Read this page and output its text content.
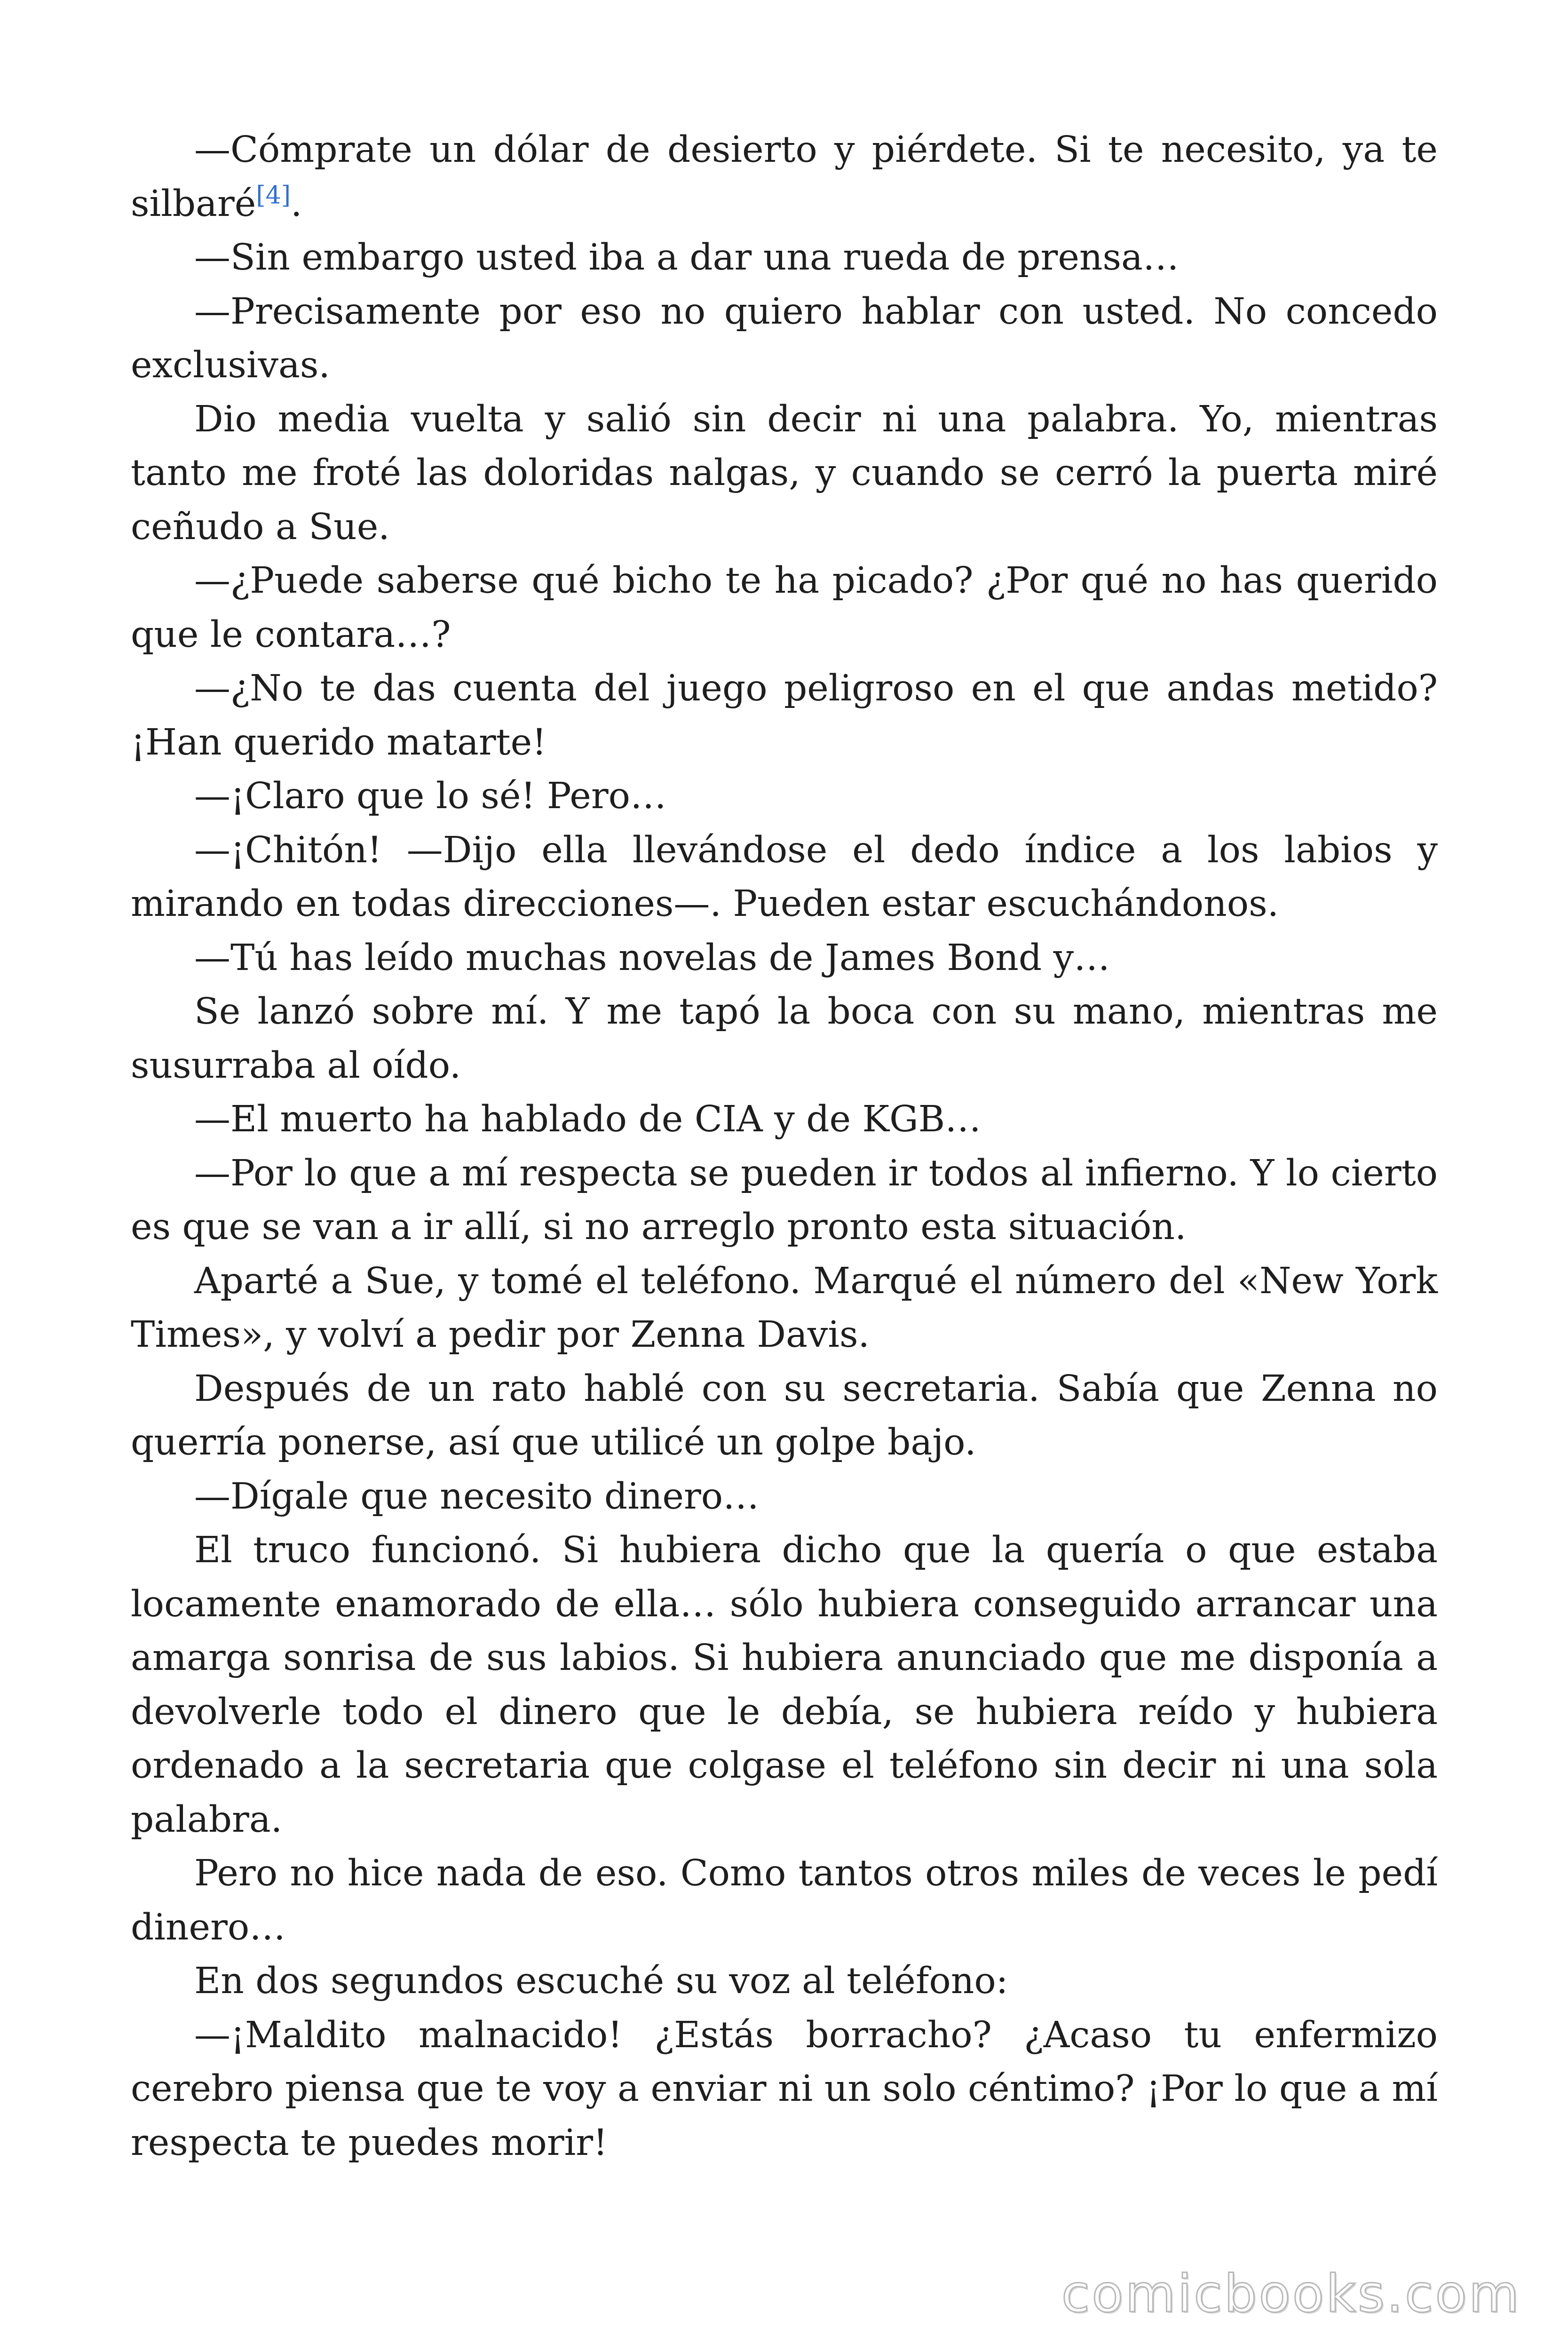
—Cómprate un dólar de desierto y piérdete. Si te necesito, ya te silbaré[4].

—Sin embargo usted iba a dar una rueda de prensa…

—Precisamente por eso no quiero hablar con usted. No concedo exclusivas.

Dio media vuelta y salió sin decir ni una palabra. Yo, mientras tanto me froté las doloridas nalgas, y cuando se cerró la puerta miré ceñudo a Sue.

—¿Puede saberse qué bicho te ha picado? ¿Por qué no has querido que le contara…?

—¿No te das cuenta del juego peligroso en el que andas metido? ¡Han querido matarte!

—¡Claro que lo sé! Pero…

—¡Chitón! —Dijo ella llevándose el dedo índice a los labios y mirando en todas direcciones—. Pueden estar escuchándonos.

—Tú has leído muchas novelas de James Bond y…

Se lanzó sobre mí. Y me tapó la boca con su mano, mientras me susurraba al oído.

—El muerto ha hablado de CIA y de KGB…

—Por lo que a mí respecta se pueden ir todos al infierno. Y lo cierto es que se van a ir allí, si no arreglo pronto esta situación.

Aparté a Sue, y tomé el teléfono. Marqué el número del «New York Times», y volví a pedir por Zenna Davis.

Después de un rato hablé con su secretaria. Sabía que Zenna no querría ponerse, así que utilicé un golpe bajo.

—Dígale que necesito dinero…

El truco funcionó. Si hubiera dicho que la quería o que estaba locamente enamorado de ella… sólo hubiera conseguido arrancar una amarga sonrisa de sus labios. Si hubiera anunciado que me disponía a devolverle todo el dinero que le debía, se hubiera reído y hubiera ordenado a la secretaria que colgase el teléfono sin decir ni una sola palabra.

Pero no hice nada de eso. Como tantos otros miles de veces le pedí dinero…

En dos segundos escuché su voz al teléfono:

—¡Maldito malnacido! ¿Estás borracho? ¿Acaso tu enfermizo cerebro piensa que te voy a enviar ni un solo céntimo? ¡Por lo que a mí respecta te puedes morir!

comicbooks.com
